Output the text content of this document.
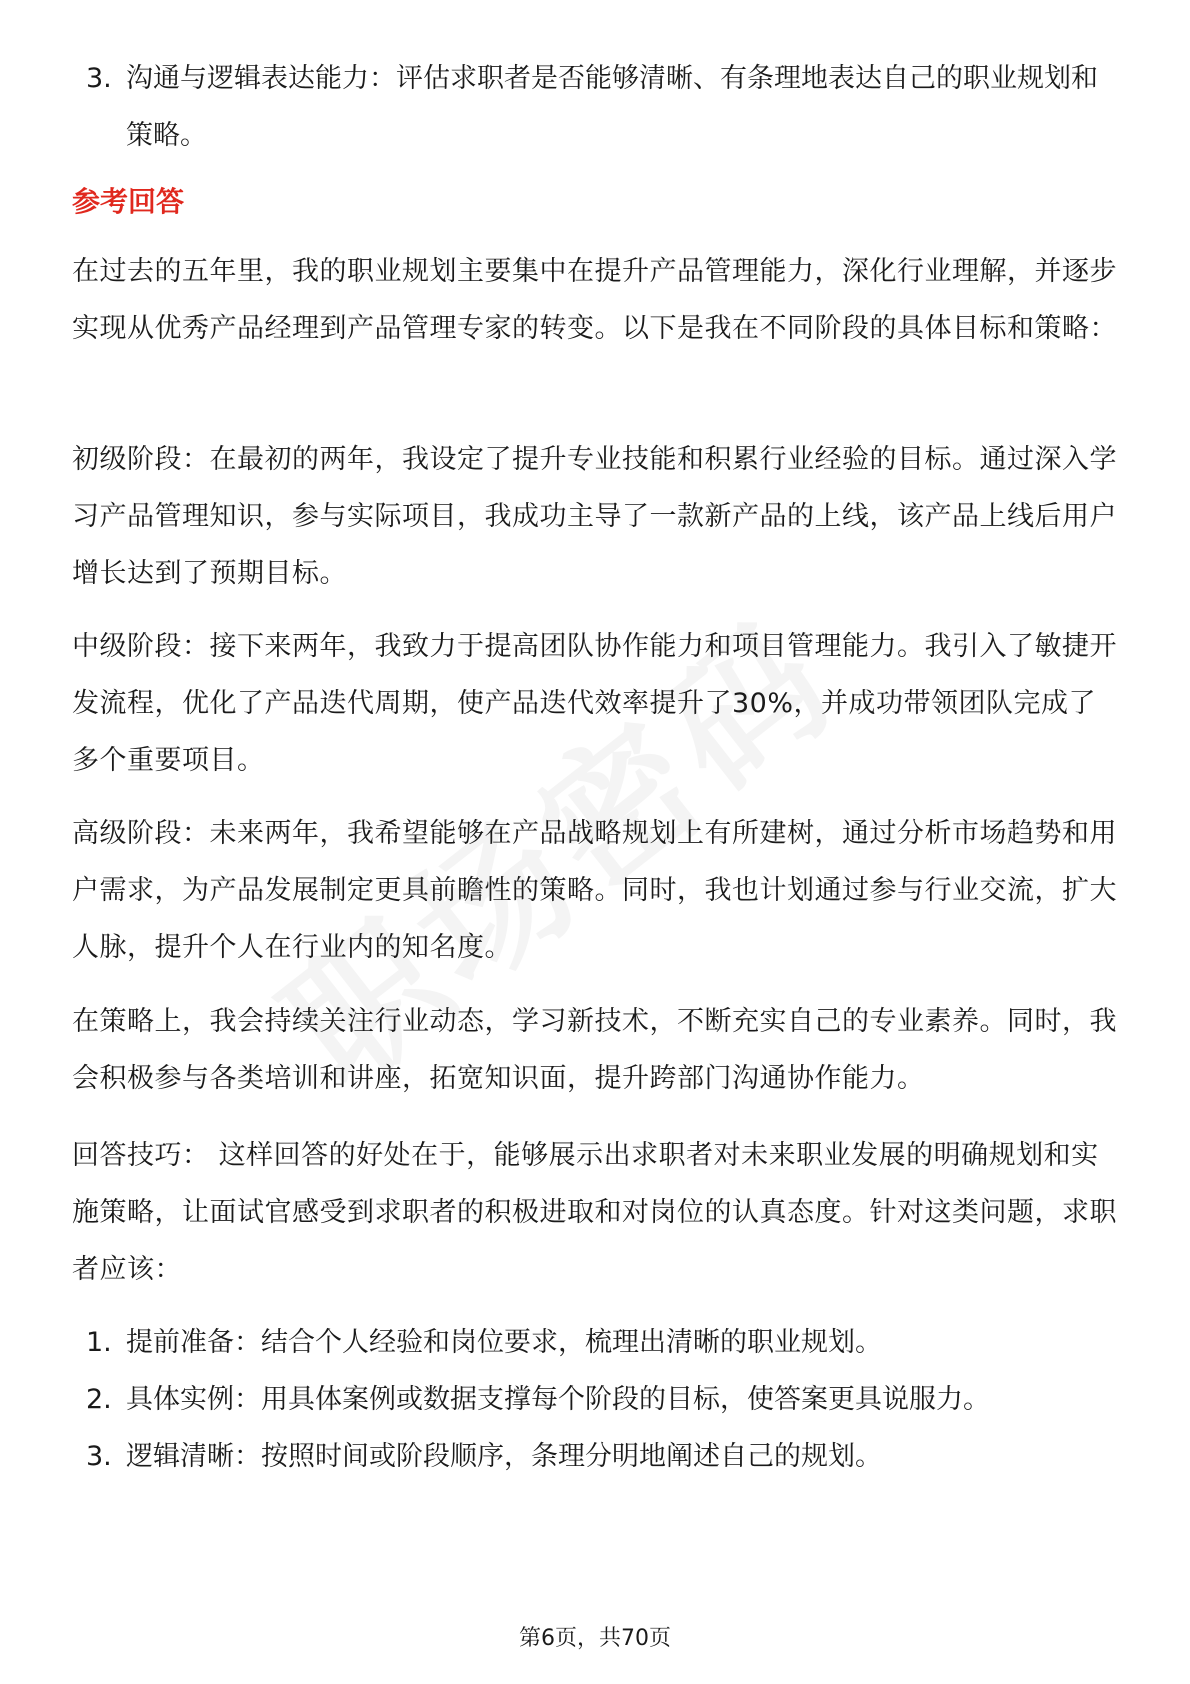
3. 沟通与逻辑表达能力：评估求职者是否能够清晰、有条理地表达自己的职业规划和策略。
参考回答

在过去的五年里，我的职业规划主要集中在提升产品管理能力，深化行业理解，并逐步实现从优秀产品经理到产品管理专家的转变。以下是我在不同阶段的具体目标和策略：

初级阶段：在最初的两年，我设定了提升专业技能和积累行业经验的目标。通过深入学习产品管理知识，参与实际项目，我成功主导了一款新产品的上线，该产品上线后用户增长达到了预期目标。

中级阶段：接下来两年，我致力于提高团队协作能力和项目管理能力。我引入了敏捷开发流程，优化了产品迭代周期，使产品迭代效率提升了30%，并成功带领团队完成了多个重要项目。

高级阶段：未来两年，我希望能够在产品战略规划上有所建树，通过分析市场趋势和用户需求，为产品发展制定更具前瞻性的策略。同时，我也计划通过参与行业交流，扩大人脉，提升个人在行业内的知名度。

在策略上，我会持续关注行业动态，学习新技术，不断充实自己的专业素养。同时，我会积极参与各类培训和讲座，拓宽知识面，提升跨部门沟通协作能力。

回答技巧： 这样回答的好处在于，能够展示出求职者对未来职业发展的明确规划和实施策略，让面试官感受到求职者的积极进取和对岗位的认真态度。针对这类问题，求职者应该：

1. 提前准备：结合个人经验和岗位要求，梳理出清晰的职业规划。
2. 具体实例：用具体案例或数据支撑每个阶段的目标，使答案更具说服力。
3. 逻辑清晰：按照时间或阶段顺序，条理分明地阐述自己的规划。
第6页，共70页
